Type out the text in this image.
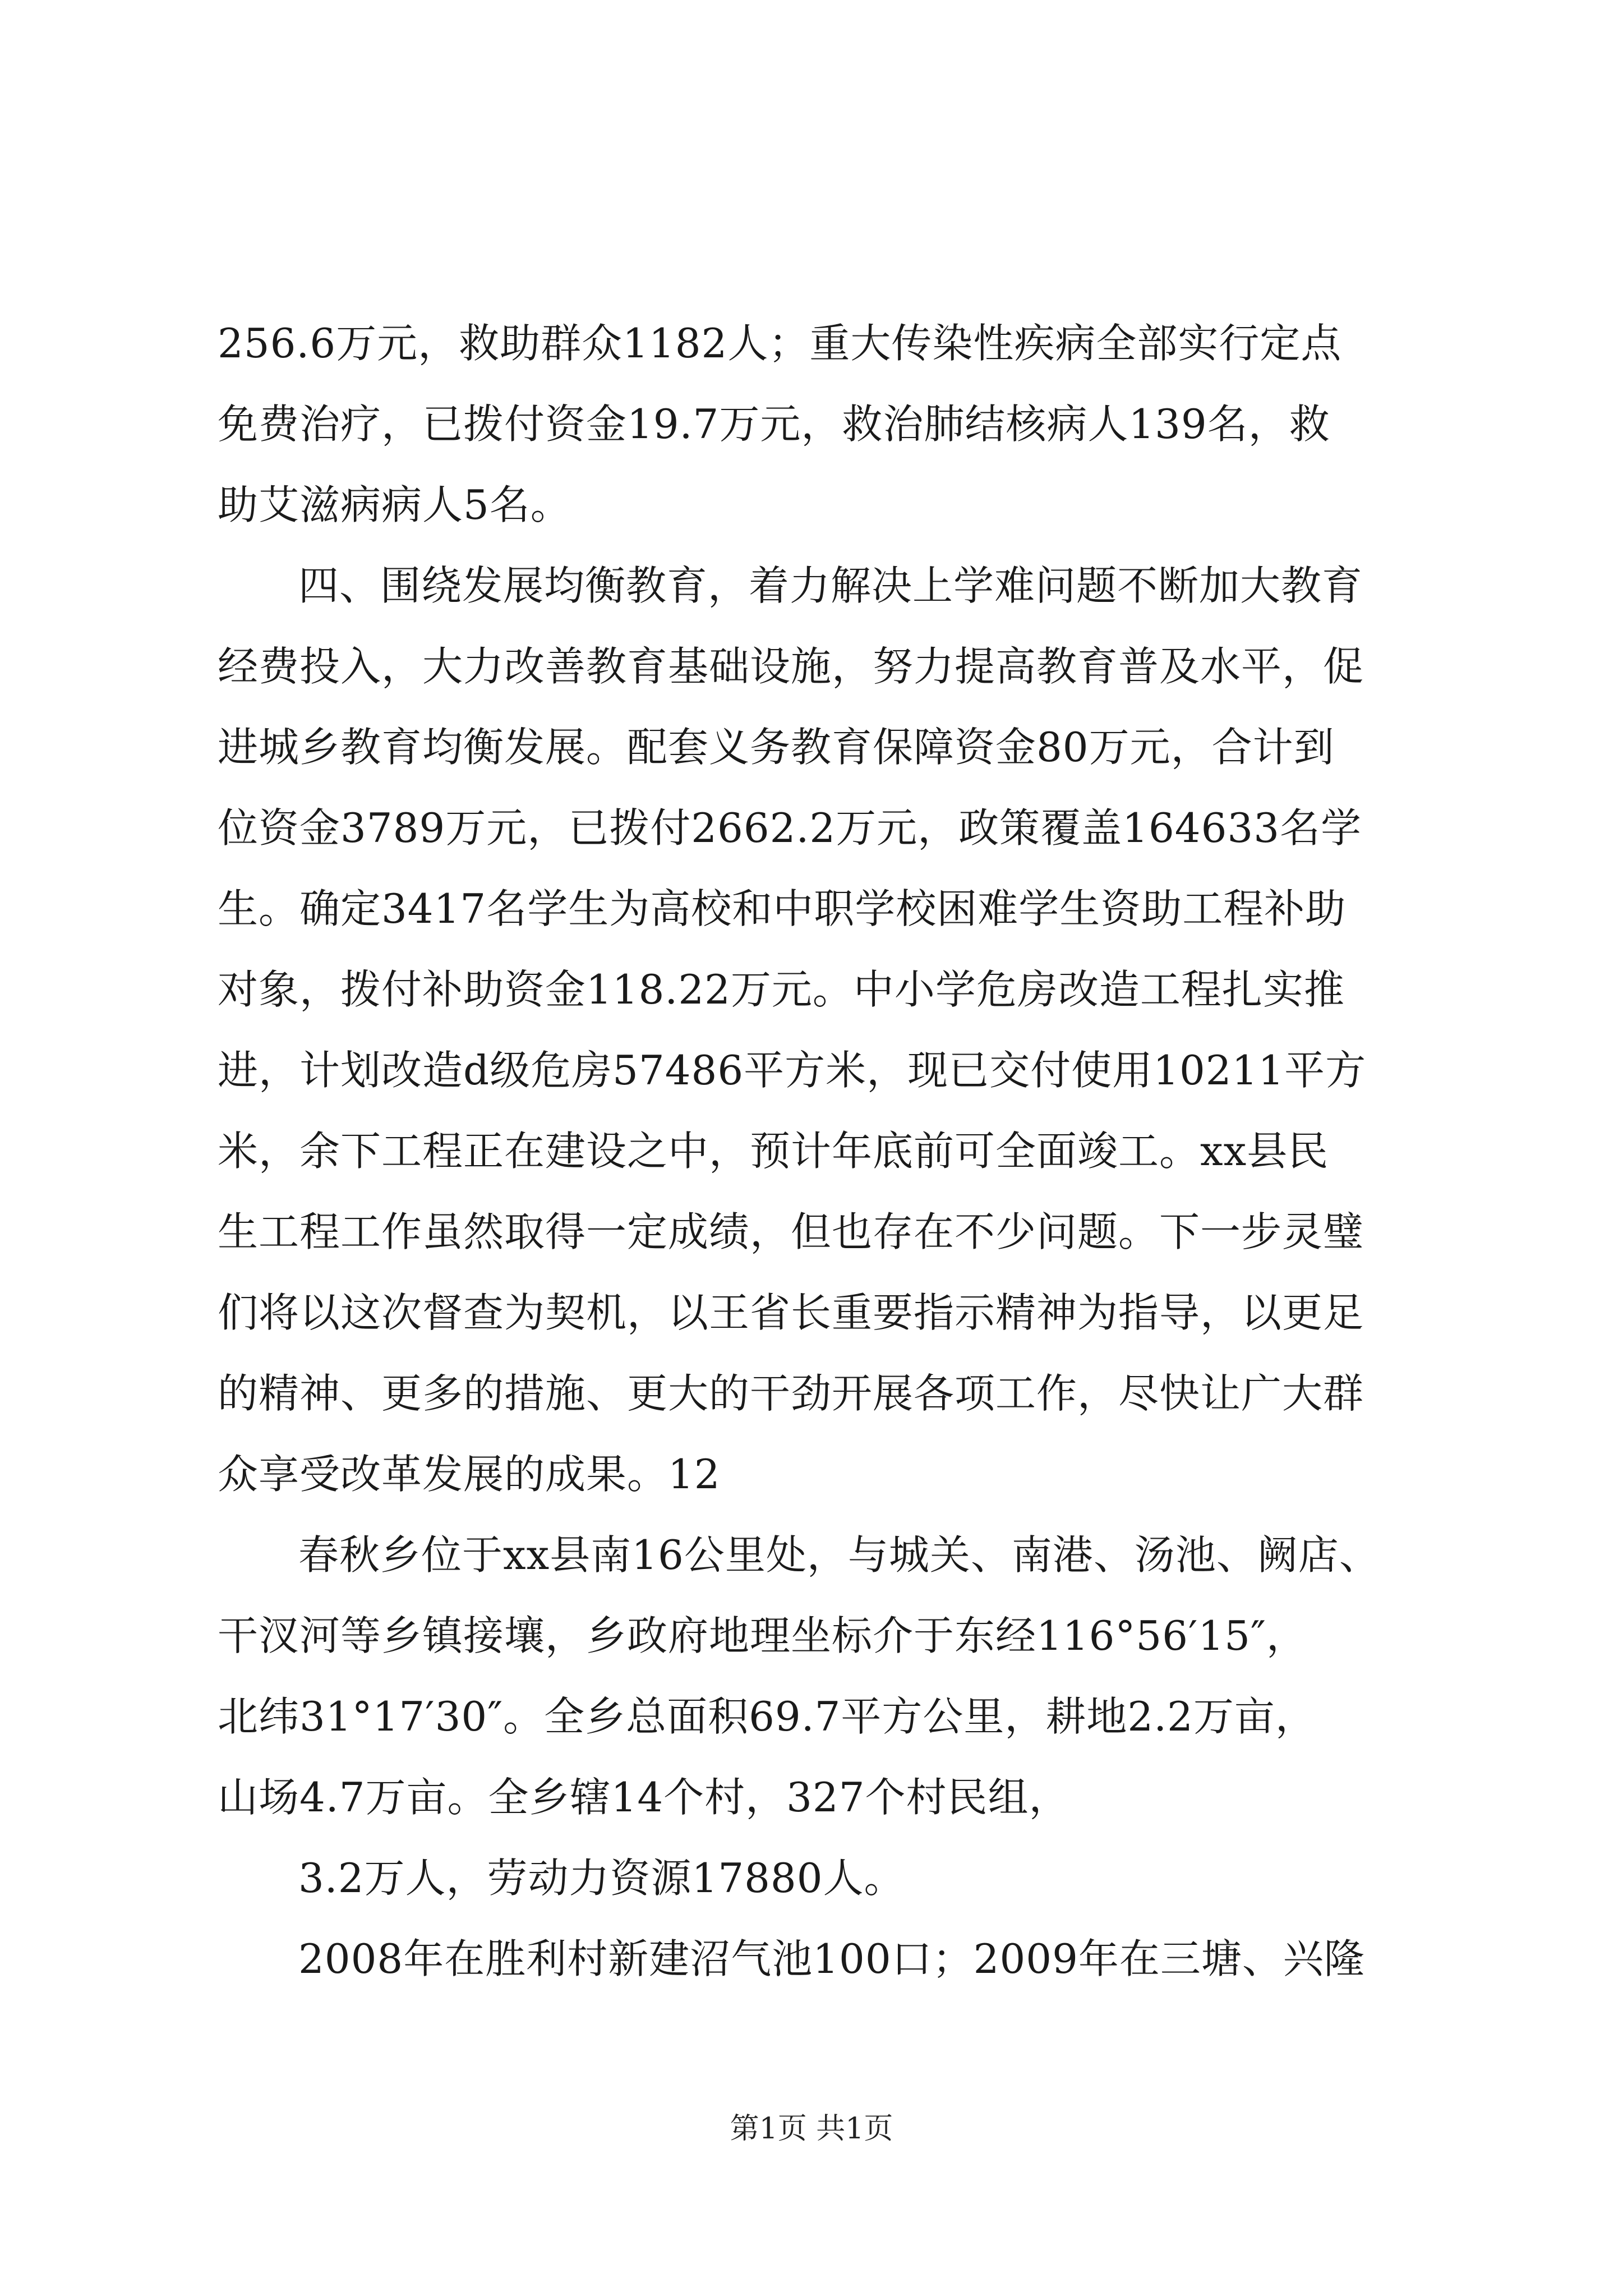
256.6万元，救助群众1182人；重大传染性疾病全部实行定点
免费治疗，已拨付资金19.7万元，救治肺结核病人139名，救
助艾滋病病人5名。
四、围绕发展均衡教育，着力解决上学难问题不断加大教育
经费投入，大力改善教育基础设施，努力提高教育普及水平，促
进城乡教育均衡发展。配套义务教育保障资金80万元，合计到
位资金3789万元，已拨付2662.2万元，政策覆盖164633名学
生。确定3417名学生为高校和中职学校困难学生资助工程补助
对象，拨付补助资金118.22万元。中小学危房改造工程扎实推
进，计划改造d级危房57486平方米，现已交付使用10211平方
米，余下工程正在建设之中，预计年底前可全面竣工。xx县民
生工程工作虽然取得一定成绩，但也存在不少问题。下一步灵璧
们将以这次督查为契机，以王省长重要指示精神为指导，以更足
的精神、更多的措施、更大的干劲开展各项工作，尽快让广大群
众享受改革发展的成果。12
春秋乡位于xx县南16公里处，与城关、南港、汤池、阙店、
干汊河等乡镇接壤，乡政府地理坐标介于东经116°56′15″，
北纬31°17′30″。全乡总面积69.7平方公里，耕地2.2万亩，
山场4.7万亩。全乡辖14个村，327个村民组，
3.2万人，劳动力资源17880人。
2008年在胜利村新建沼气池100口；2009年在三塘、兴隆
第1页 共1页
